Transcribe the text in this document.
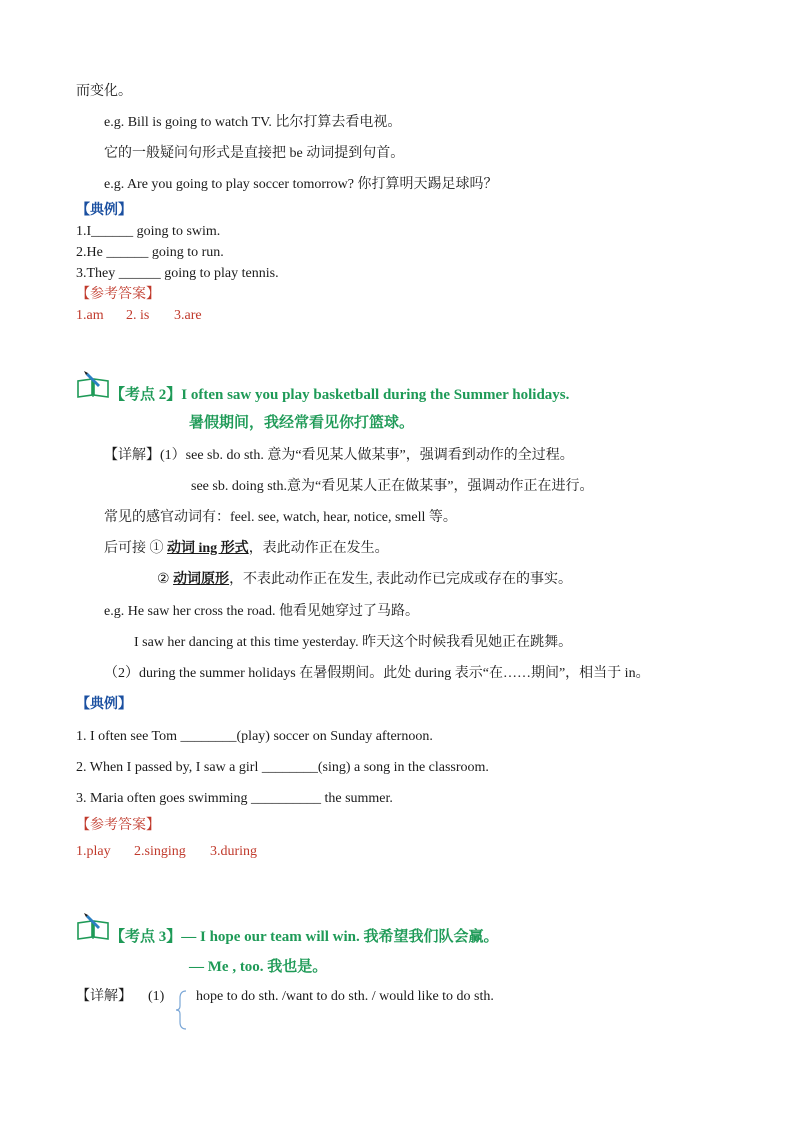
而变化。
e.g. Bill is going to watch TV. 比尔打算去看电视。
它的一般疑问句形式是直接把 be 动词提到句首。
e.g. Are you going to play soccer tomorrow? 你打算明天踢足球吗？
【典例】
1.I______ going to swim.
2.He ______ going to run.
3.They ______ going to play tennis.
【参考答案】
1.am 2. is 3.are
【考点 2】I often saw you play basketball during the Summer holidays.
暑假期间，我经常看见你打篮球。
【详解】(1）see sb. do sth. 意为“看见某人做某事”，强调看到动作的全过程。
see sb. doing sth.意为“看见某人正在做某事”，强调动作正在进行。
常见的感官动词有：feel. see, watch, hear, notice, smell 等。
后可接 ① 动词 ing 形式，表此动作正在发生。
② 动词原形，不表此动作正在发生, 表此动作已完成或存在的事实。
e.g. He saw her cross the road. 他看见她穿过了马路。
I saw her dancing at this time yesterday. 昨天这个时候我看见她正在跳舞。
（2）during the summer holidays 在暑假期间。此处 during 表示“在……期间”，相当于 in。
【典例】
1. I often see Tom ________(play) soccer on Sunday afternoon.
2. When I passed by, I saw a girl ________(sing) a song in the classroom.
3. Maria often goes swimming __________ the summer.
【参考答案】
1.play 2.singing 3.during
【考点 3】— I hope our team will win. 我希望我们队会赢。
— Me , too. 我也是。
【详解】 (1) hope to do sth. /want to do sth. / would like to do sth.
